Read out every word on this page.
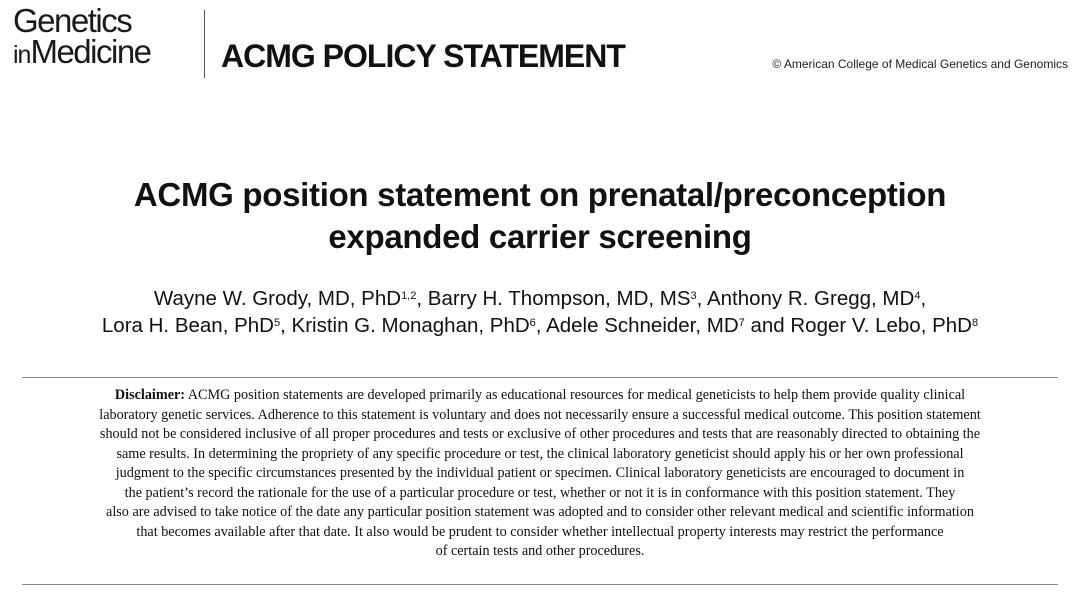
Genetics
inMedicine ACMG POLICY STATEMENT	© American College of Medical Genetics and Genomics
ACMG position statement on prenatal/preconception
expanded carrier screening
Wayne W. Grody, MD, PhD$^{1,2}$, Barry H. Thompson, MD, $MS^3$, Anthony R. Gregg, $MD^4$,
Lora H. Bean, PhD$^5$, Kristin G. Monaghan, PhD$^6$, Adele Schneider, $MD^7$ and Roger V. Lebo, PhD$^8$
Disclaimer: ACMG position statements are developed primarily as educational resources for medical geneticists to help them provide quality clinical
laboratory genetic services. Adherence to this statement is voluntary and does not necessarily ensure a successful medical outcome. This position statement
should not be considered inclusive of all proper procedures and tests or exclusive of other procedures and tests that are reasonably directed to obtaining the
same results. In determining the propriety of any specific procedure or test, the clinical laboratory geneticist should apply his or her own professional
judgment to the specific circumstances presented by the individual patient or specimen. Clinical laboratory geneticists are encouraged to document in
the patient’s record the rationale for the use of a particular procedure or test, whether or not it is in conformance with this position statement. They
also are advised to take notice of the date any particular position statement was adopted and to consider other relevant medical and scientific information
that becomes available after that date. It also would be prudent to consider whether intellectual property interests may restrict the performance
of certain tests and other procedures.
